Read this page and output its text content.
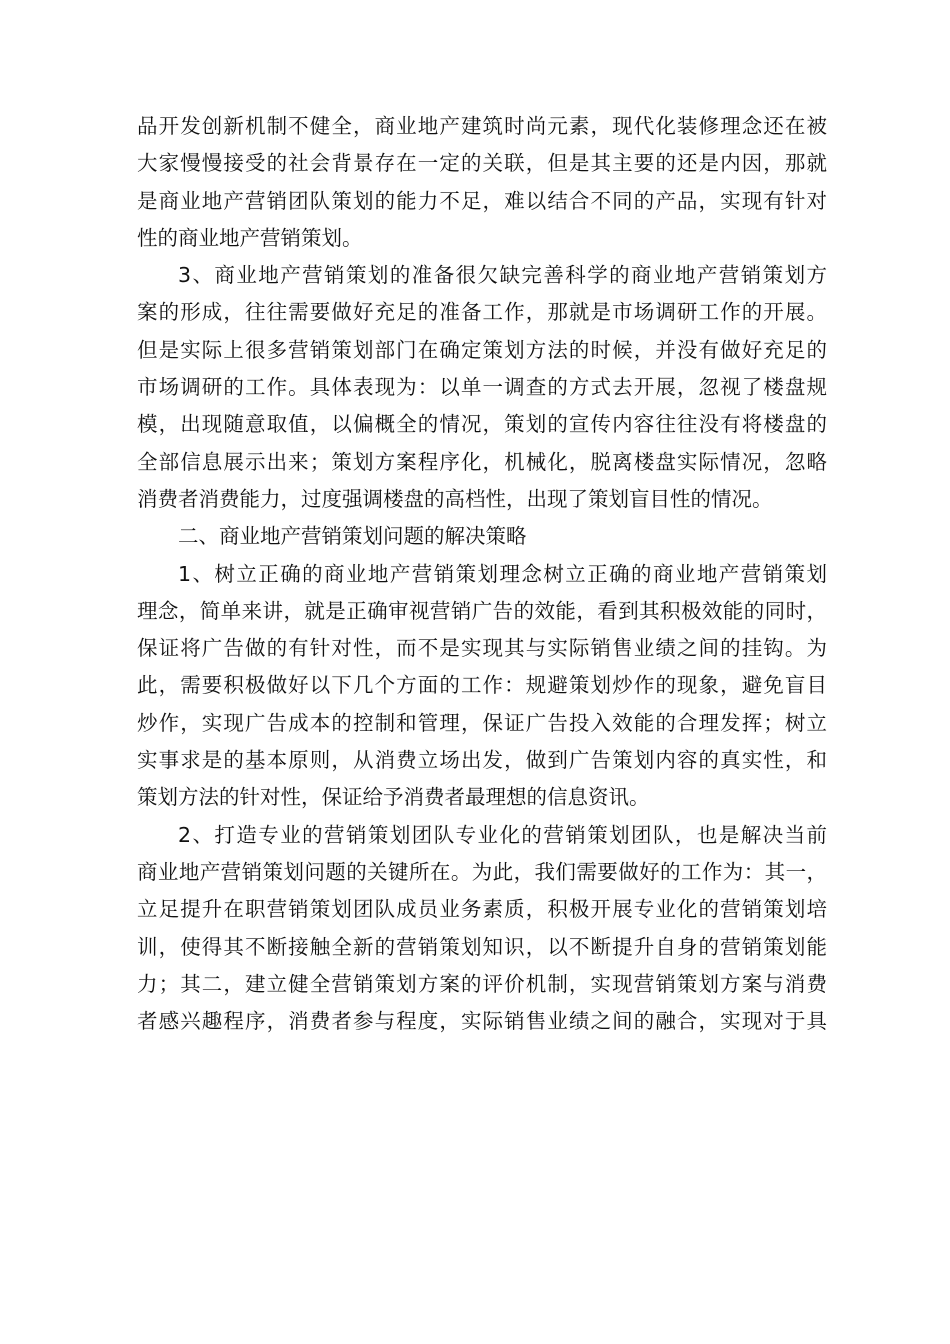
品开发创新机制不健全，商业地产建筑时尚元素，现代化装修理念还在被
大家慢慢接受的社会背景存在一定的关联，但是其主要的还是内因，那就
是商业地产营销团队策划的能力不足，难以结合不同的产品，实现有针对
性的商业地产营销策划。
3、商业地产营销策划的准备很欠缺完善科学的商业地产营销策划方
案的形成，往往需要做好充足的准备工作，那就是市场调研工作的开展。
但是实际上很多营销策划部门在确定策划方法的时候，并没有做好充足的
市场调研的工作。具体表现为：以单一调查的方式去开展，忽视了楼盘规
模，出现随意取值，以偏概全的情况，策划的宣传内容往往没有将楼盘的
全部信息展示出来；策划方案程序化，机械化，脱离楼盘实际情况，忽略
消费者消费能力，过度强调楼盘的高档性，出现了策划盲目性的情况。
二、商业地产营销策划问题的解决策略
1、树立正确的商业地产营销策划理念树立正确的商业地产营销策划
理念，简单来讲，就是正确审视营销广告的效能，看到其积极效能的同时，
保证将广告做的有针对性，而不是实现其与实际销售业绩之间的挂钩。为
此，需要积极做好以下几个方面的工作：规避策划炒作的现象，避免盲目
炒作，实现广告成本的控制和管理，保证广告投入效能的合理发挥；树立
实事求是的基本原则，从消费立场出发，做到广告策划内容的真实性，和
策划方法的针对性，保证给予消费者最理想的信息资讯。
2、打造专业的营销策划团队专业化的营销策划团队，也是解决当前
商业地产营销策划问题的关键所在。为此，我们需要做好的工作为：其一，
立足提升在职营销策划团队成员业务素质，积极开展专业化的营销策划培
训，使得其不断接触全新的营销策划知识，以不断提升自身的营销策划能
力；其二，建立健全营销策划方案的评价机制，实现营销策划方案与消费
者感兴趣程序，消费者参与程度，实际销售业绩之间的融合，实现对于具
